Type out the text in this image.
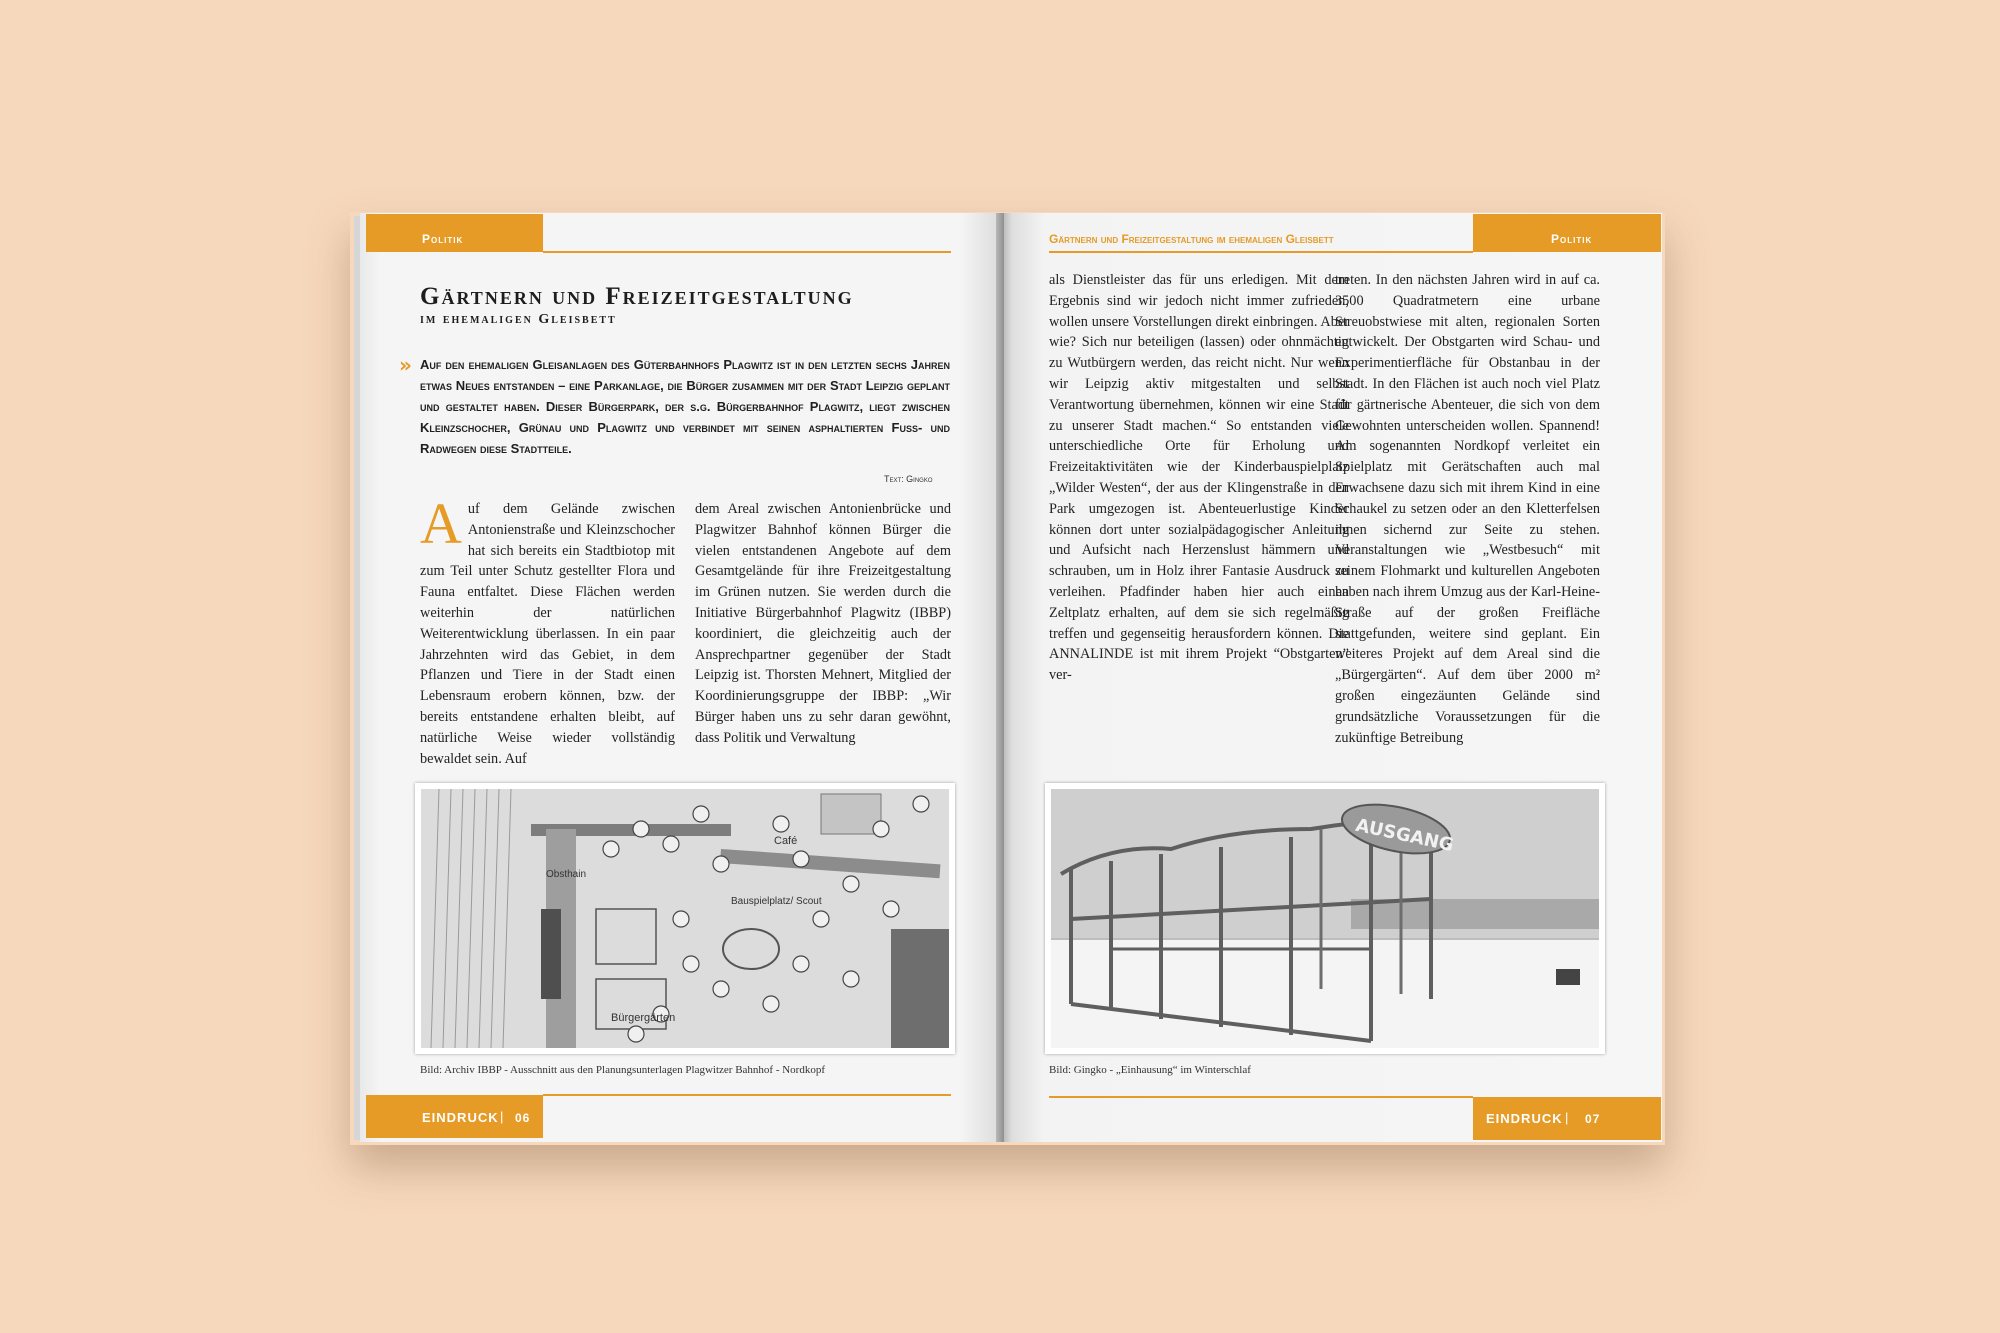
Politik
Gärtnern und Freizeitgestaltung
im ehemaligen Gleisbett
» Auf den ehemaligen Gleisanlagen des Güterbahnhofs Plagwitz ist in den letzten sechs Jahren etwas Neues entstanden – eine Parkanlage, die Bürger zusammen mit der Stadt Leipzig geplant und gestaltet haben. Dieser Bürgerpark, der s.g. Bürgerbahnhof Plagwitz, liegt zwischen Kleinzschocher, Grünau und Plagwitz und verbindet mit seinen asphaltierten Fuß- und Radwegen diese Stadtteile.
Text: Gingko
Auf dem Gelände zwischen Antonienstraße und Kleinzschocher hat sich bereits ein Stadtbiotop mit zum Teil unter Schutz gestellter Flora und Fauna entfaltet. Diese Flächen werden weiterhin der natürlichen Weiterentwicklung überlassen. In ein paar Jahrzehnten wird das Gebiet, in dem Pflanzen und Tiere in der Stadt einen Lebensraum erobern können, bzw. der bereits entstandene erhalten bleibt, auf natürliche Weise wieder vollständig bewaldet sein. Auf
dem Areal zwischen Antonienbrücke und Plagwitzer Bahnhof können Bürger die vielen entstandenen Angebote auf dem Gesamtgelände für ihre Freizeitgestaltung im Grünen nutzen. Sie werden durch die Initiative Bürgerbahnhof Plagwitz (IBBP) koordiniert, die gleichzeitig auch der Ansprechpartner gegenüber der Stadt Leipzig ist. Thorsten Mehnert, Mitglied der Koordinierungsgruppe der IBBP: „Wir Bürger haben uns zu sehr daran gewöhnt, dass Politik und Verwaltung
Café
Obsthain
Bauspielplatz/ Scout
Bürgergärten
Bild: Archiv IBBP - Ausschnitt aus den Planungsunterlagen Plagwitzer Bahnhof - Nordkopf
EINDRUCK | 06
Gärtnern und Freizeitgestaltung im ehemaligen Gleisbett	Politik
als Dienstleister das für uns erledigen. Mit dem Ergebnis sind wir jedoch nicht immer zufrieden, wollen unsere Vorstellungen direkt einbringen. Aber wie? Sich nur beteiligen (lassen) oder ohnmächtig zu Wutbürgern werden, das reicht nicht. Nur wenn wir Leipzig aktiv mitgestalten und selbst Verantwortung übernehmen, können wir eine Stadt zu unserer Stadt machen.“ So entstanden viele unterschiedliche Orte für Erholung und Freizeitaktivitäten wie der Kinderbauspielplatz „Wilder Westen“, der aus der Klingenstraße in den Park umgezogen ist. Abenteuerlustige Kinder können dort unter sozialpädagogischer Anleitung und Aufsicht nach Herzenslust hämmern und schrauben, um in Holz ihrer Fantasie Ausdruck zu verleihen. Pfadfinder haben hier auch einen Zeltplatz erhalten, auf dem sie sich regelmäßig treffen und gegenseitig herausfordern können. Die ANNALINDE ist mit ihrem Projekt “Obstgarten” ver-
treten. In den nächsten Jahren wird in auf ca. 3500 Quadratmetern eine urbane Streuobstwiese mit alten, regionalen Sorten entwickelt. Der Obstgarten wird Schau- und Experimentierfläche für Obstanbau in der Stadt. In den Flächen ist auch noch viel Platz für gärtnerische Abenteuer, die sich von dem Gewohnten unterscheiden wollen. Spannend! Am sogenannten Nordkopf verleitet ein Spielplatz mit Gerätschaften auch mal Erwachsene dazu sich mit ihrem Kind in eine Schaukel zu setzen oder an den Kletterfelsen ihnen sichernd zur Seite zu stehen. Veranstaltungen wie „Westbesuch“ mit seinem Flohmarkt und kulturellen Angeboten haben nach ihrem Umzug aus der Karl-Heine-Straße auf der großen Freifläche stattgefunden, weitere sind geplant. Ein weiteres Projekt auf dem Areal sind die „Bürgergärten“. Auf dem über 2000 m² großen eingezäunten Gelände sind grundsätzliche Voraussetzungen für die zukünftige Betreibung
AUSGANG
Bild: Gingko - „Einhausung“ im Winterschlaf
EINDRUCK | 07
